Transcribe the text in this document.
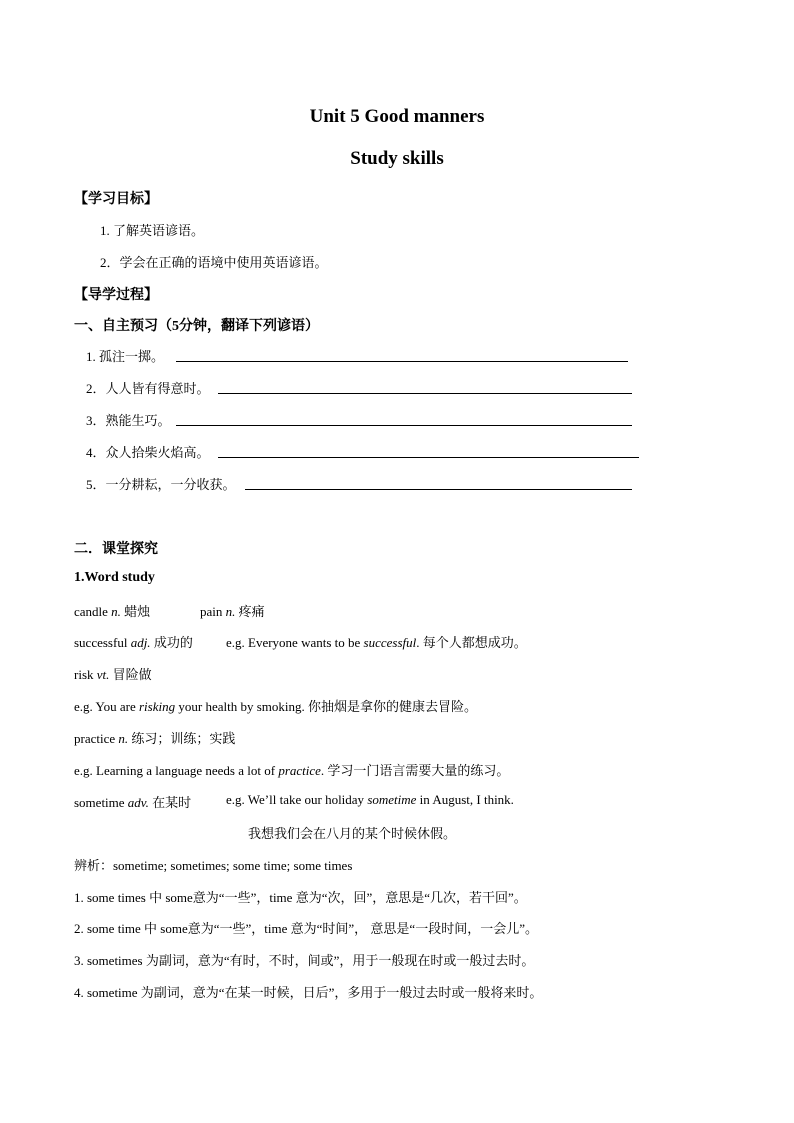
Unit 5 Good manners
Study skills
【学习目标】
1. 了解英语谚语。
2．学会在正确的语境中使用英语谚语。
【导学过程】
一、自主预习（5分钟，翻译下列谚语）
1. 孤注一掷。
2．人人皆有得意时。
3．熟能生巧。
4．众人拾柴火焰高。
5．一分耕耘，一分收获。
二．课堂探究
1.Word study
candle n. 蜡烛	pain n. 疼痛
successful adj. 成功的	e.g. Everyone wants to be successful. 每个人都想成功。
risk vt. 冒险做
e.g. You are risking your health by smoking. 你抽烟是拿你的健康去冒险。
practice n. 练习；训练；实践
e.g. Learning a language needs a lot of practice. 学习一门语言需要大量的练习。
sometime adv. 在某时	e.g. We’ll take our holiday sometime in August, I think.
我想我们会在八月的某个时候休假。
辨析：sometime; sometimes; some time; some times
1. some times 中 some意为“一些”，time 意为“次，回”，意思是“几次，若干回”。
2. some time 中 some意为“一些”，time 意为“时间”， 意思是“一段时间，一会儿”。
3. sometimes 为副词，意为“有时，不时，间或”，用于一般现在时或一般过去时。
4. sometime 为副词，意为“在某一时候，日后”，多用于一般过去时或一般将来时。
